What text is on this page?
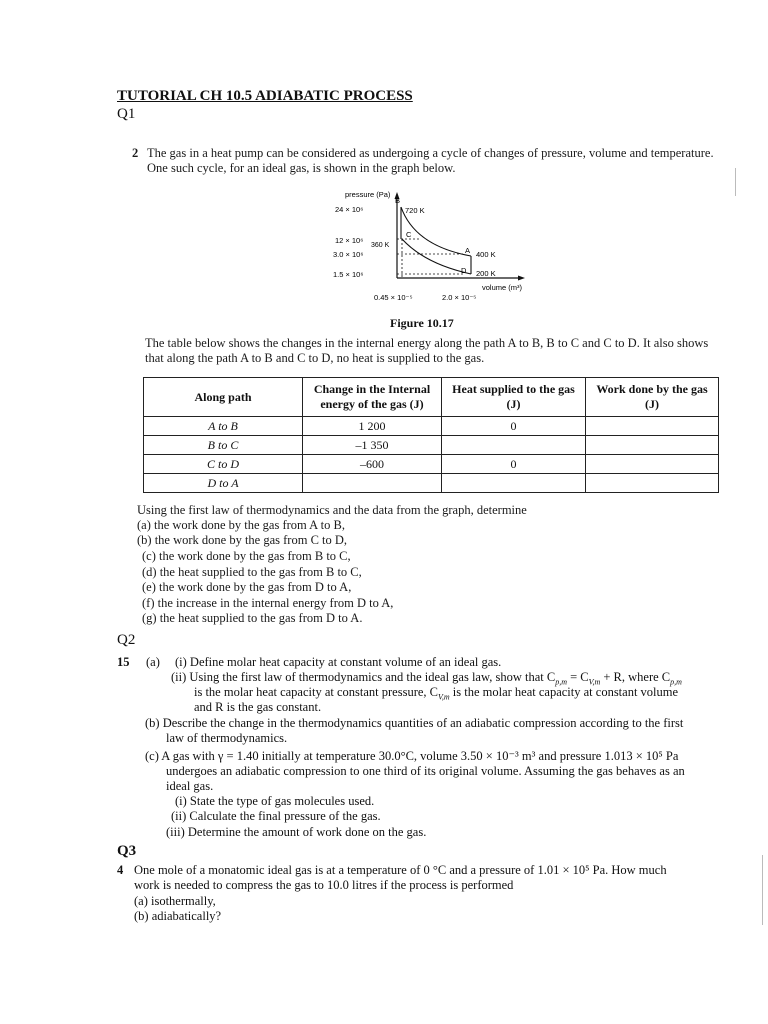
TUTORIAL CH 10.5 ADIABATIC PROCESS
Q1
2 The gas in a heat pump can be considered as undergoing a cycle of changes of pressure, volume and temperature.
One such cycle, for an ideal gas, is shown in the graph below.
pressure (Pa)
volume (m³)
24 × 10⁶
12 × 10⁶
3.0 × 10⁶
1.5 × 10⁶
0.45 × 10⁻⁵	2.0 × 10⁻⁵
B
C
A
D
720 K
360 K
400 K
200 K
Figure 10.17
The table below shows the changes in the internal energy along the path A to B, B to C and C to D. It also shows
that along the path A to B and C to D, no heat is supplied to the gas.
Along path	Change in the Internal energy of the gas (J)	Heat supplied to the gas (J)	Work done by the gas (J)
A to B	1 200	0	
B to C	–1 350		
C to D	–600	0	
D to A			
Using the first law of thermodynamics and the data from the graph, determine
(a) the work done by the gas from A to B,
(b) the work done by the gas from C to D,
(c) the work done by the gas from B to C,
(d) the heat supplied to the gas from B to C,
(e) the work done by the gas from D to A,
(f) the increase in the internal energy from D to A,
(g) the heat supplied to the gas from D to A.
Q2
15 (a) (i) Define molar heat capacity at constant volume of an ideal gas.
(ii) Using the first law of thermodynamics and the ideal gas law, show that $C_{p,m} = C_{V,m} + R$, where $C_{p,m}$
is the molar heat capacity at constant pressure, $C_{V,m}$ is the molar heat capacity at constant volume
and R is the gas constant.
(b) Describe the change in the thermodynamics quantities of an adiabatic compression according to the first
law of thermodynamics.
(c) A gas with γ = 1.40 initially at temperature 30.0°C, volume 3.50 × 10⁻³ m³ and pressure 1.013 × 10⁵ Pa
undergoes an adiabatic compression to one third of its original volume. Assuming the gas behaves as an
ideal gas.
(i) State the type of gas molecules used.
(ii) Calculate the final pressure of the gas.
(iii) Determine the amount of work done on the gas.
Q3
4 One mole of a monatomic ideal gas is at a temperature of 0 °C and a pressure of 1.01 × 10⁵ Pa. How much
work is needed to compress the gas to 10.0 litres if the process is performed
(a) isothermally,
(b) adiabatically?
